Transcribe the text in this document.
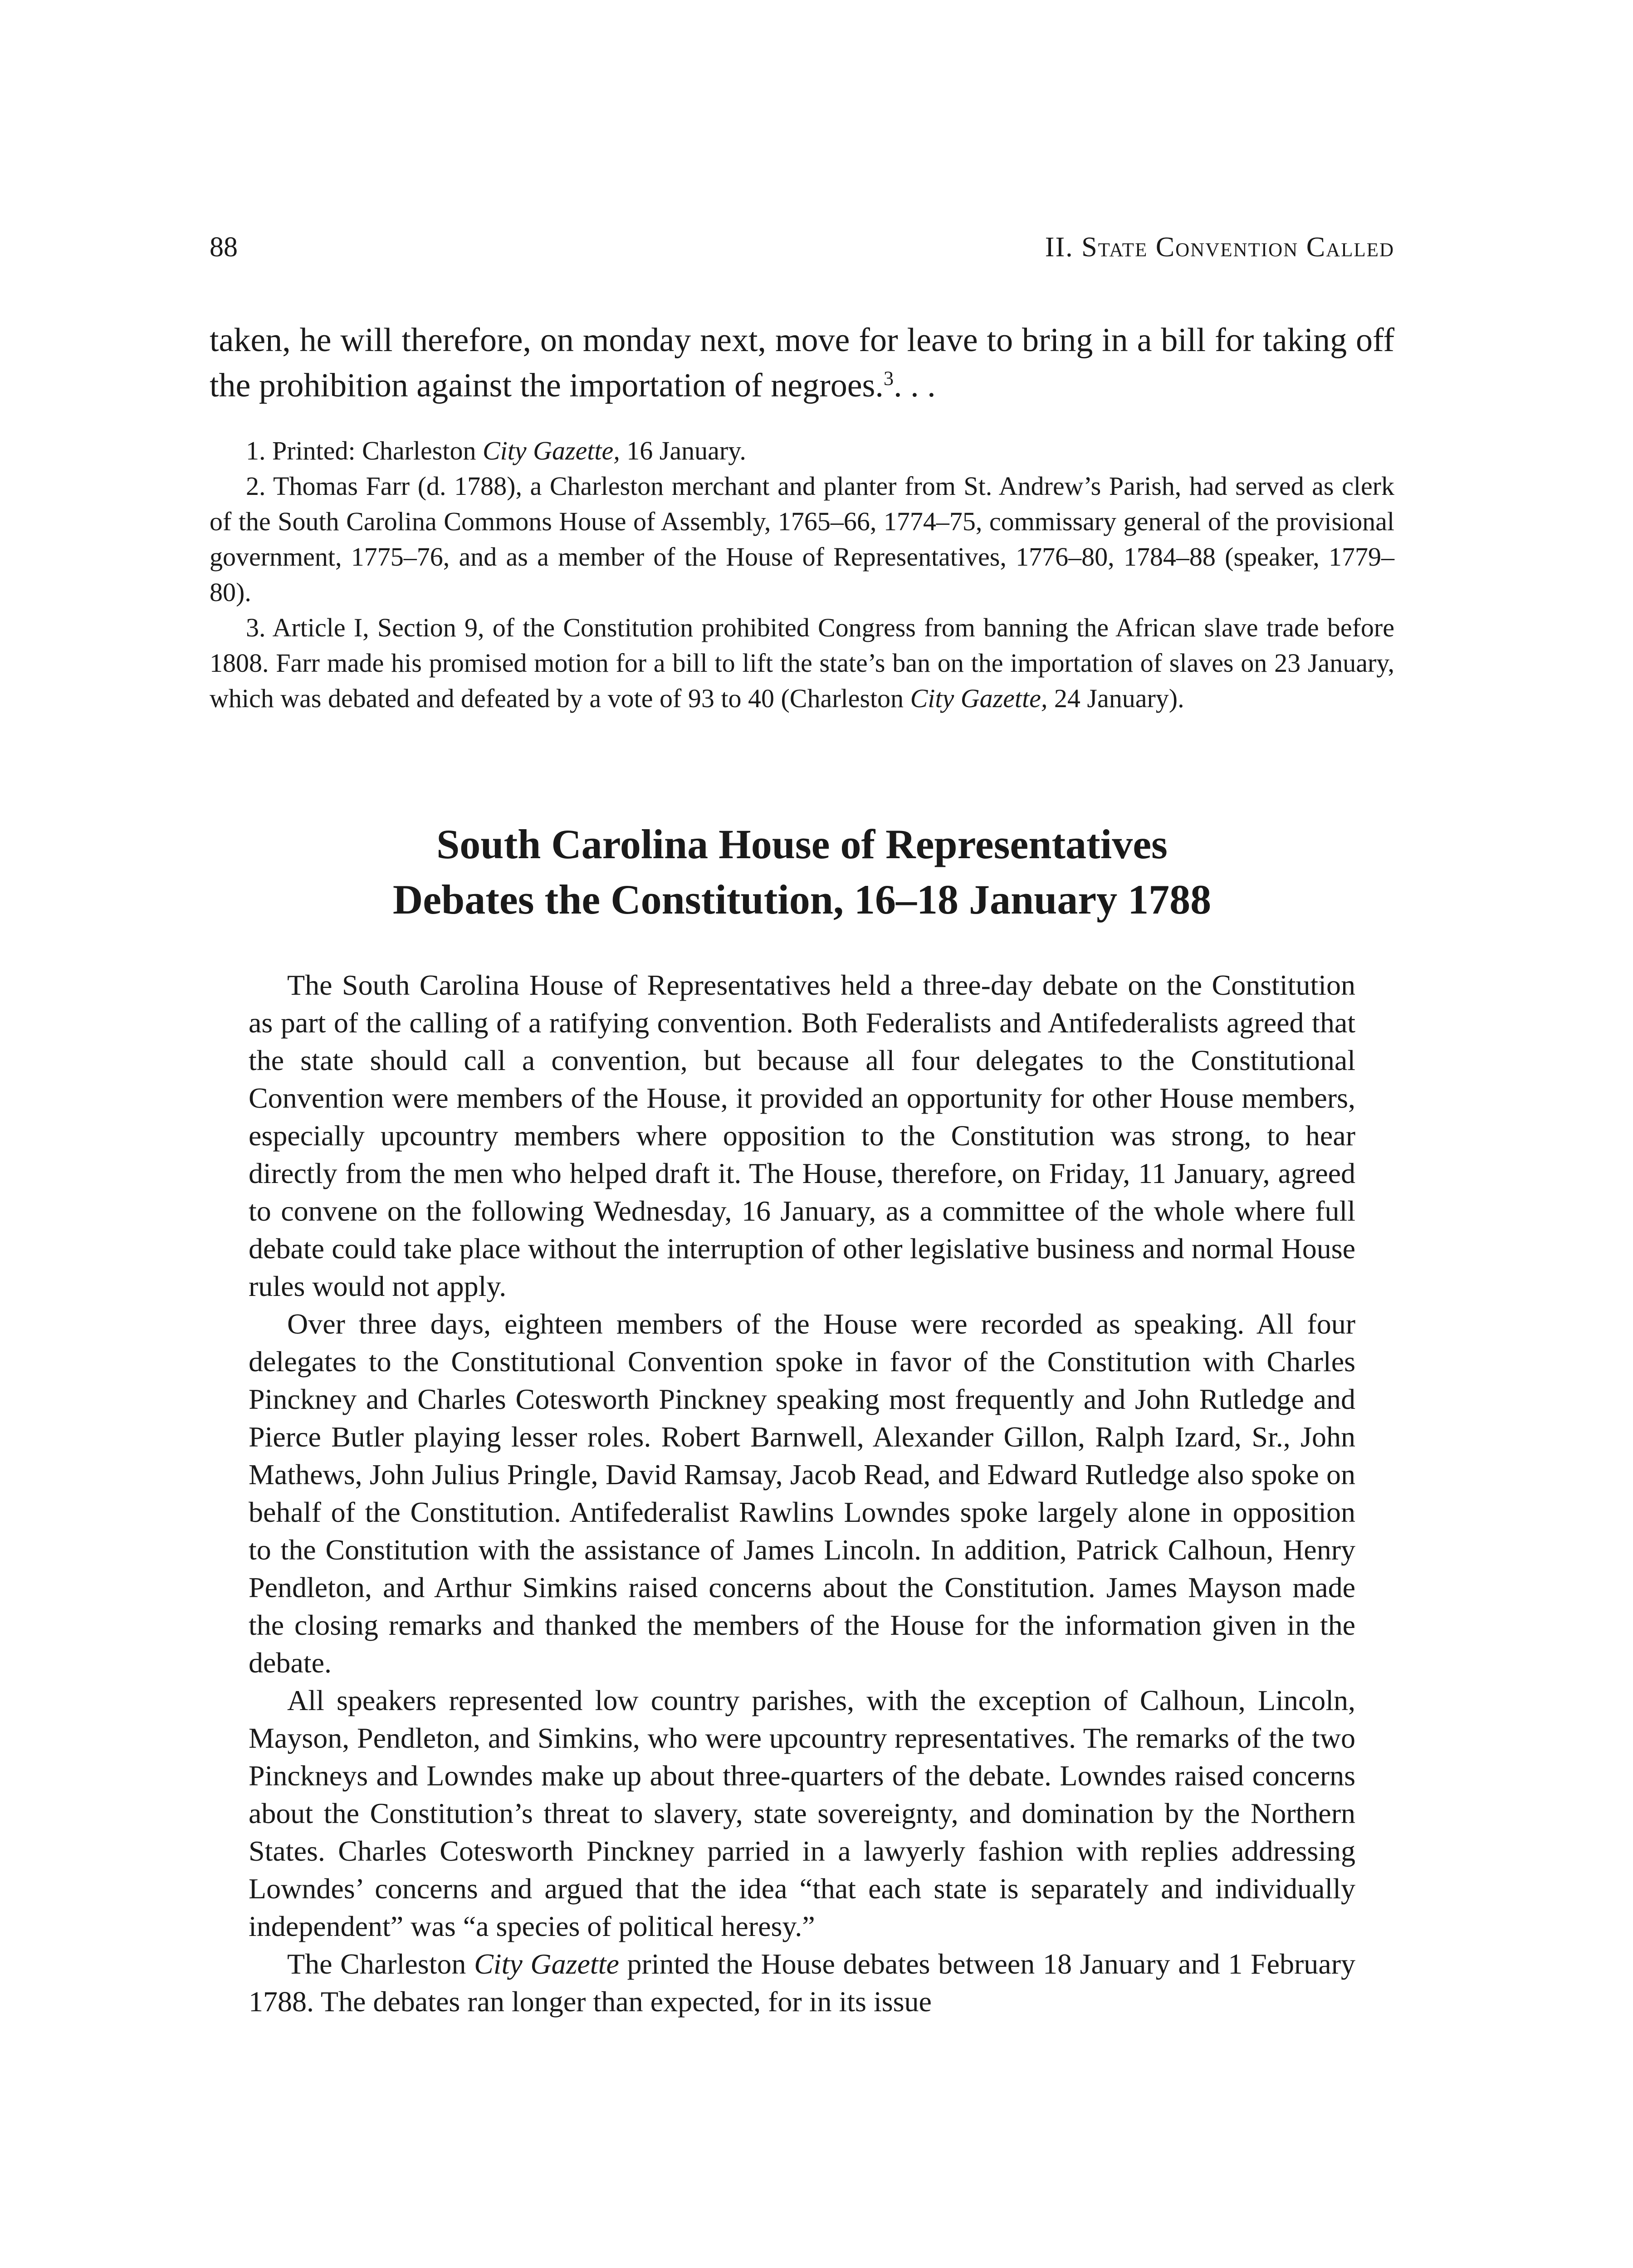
88	II. State Convention Called

taken, he will therefore, on monday next, move for leave to bring in a bill for taking off the prohibition against the importation of negroes.$^3$. . .

1. Printed: Charleston City Gazette, 16 January.

2. Thomas Farr (d. 1788), a Charleston merchant and planter from St. Andrew’s Parish, had served as clerk of the South Carolina Commons House of Assembly, 1765–66, 1774–75, commissary general of the provisional government, 1775–76, and as a member of the House of Representatives, 1776–80, 1784–88 (speaker, 1779–80).

3. Article I, Section 9, of the Constitution prohibited Congress from banning the African slave trade before 1808. Farr made his promised motion for a bill to lift the state’s ban on the importation of slaves on 23 January, which was debated and defeated by a vote of 93 to 40 (Charleston City Gazette, 24 January).

South Carolina House of Representatives
Debates the Constitution, 16–18 January 1788

The South Carolina House of Representatives held a three-day debate on the Constitution as part of the calling of a ratifying convention. Both Federalists and Antifederalists agreed that the state should call a convention, but because all four delegates to the Constitutional Convention were members of the House, it provided an opportunity for other House members, especially upcountry members where opposition to the Constitution was strong, to hear directly from the men who helped draft it. The House, therefore, on Friday, 11 January, agreed to convene on the following Wednesday, 16 January, as a committee of the whole where full debate could take place without the interruption of other legislative business and normal House rules would not apply.

Over three days, eighteen members of the House were recorded as speaking. All four delegates to the Constitutional Convention spoke in favor of the Constitution with Charles Pinckney and Charles Cotesworth Pinckney speaking most frequently and John Rutledge and Pierce Butler playing lesser roles. Robert Barnwell, Alexander Gillon, Ralph Izard, Sr., John Mathews, John Julius Pringle, David Ramsay, Jacob Read, and Edward Rutledge also spoke on behalf of the Constitution. Antifederalist Rawlins Lowndes spoke largely alone in opposition to the Constitution with the assistance of James Lincoln. In addition, Patrick Calhoun, Henry Pendleton, and Arthur Simkins raised concerns about the Constitution. James Mayson made the closing remarks and thanked the members of the House for the information given in the debate.

All speakers represented low country parishes, with the exception of Calhoun, Lincoln, Mayson, Pendleton, and Simkins, who were upcountry representatives. The remarks of the two Pinckneys and Lowndes make up about three-quarters of the debate. Lowndes raised concerns about the Constitution’s threat to slavery, state sovereignty, and domination by the Northern States. Charles Cotesworth Pinckney parried in a lawyerly fashion with replies addressing Lowndes’ concerns and argued that the idea “that each state is separately and individually independent” was “a species of political heresy.”

The Charleston City Gazette printed the House debates between 18 January and 1 February 1788. The debates ran longer than expected, for in its issue
